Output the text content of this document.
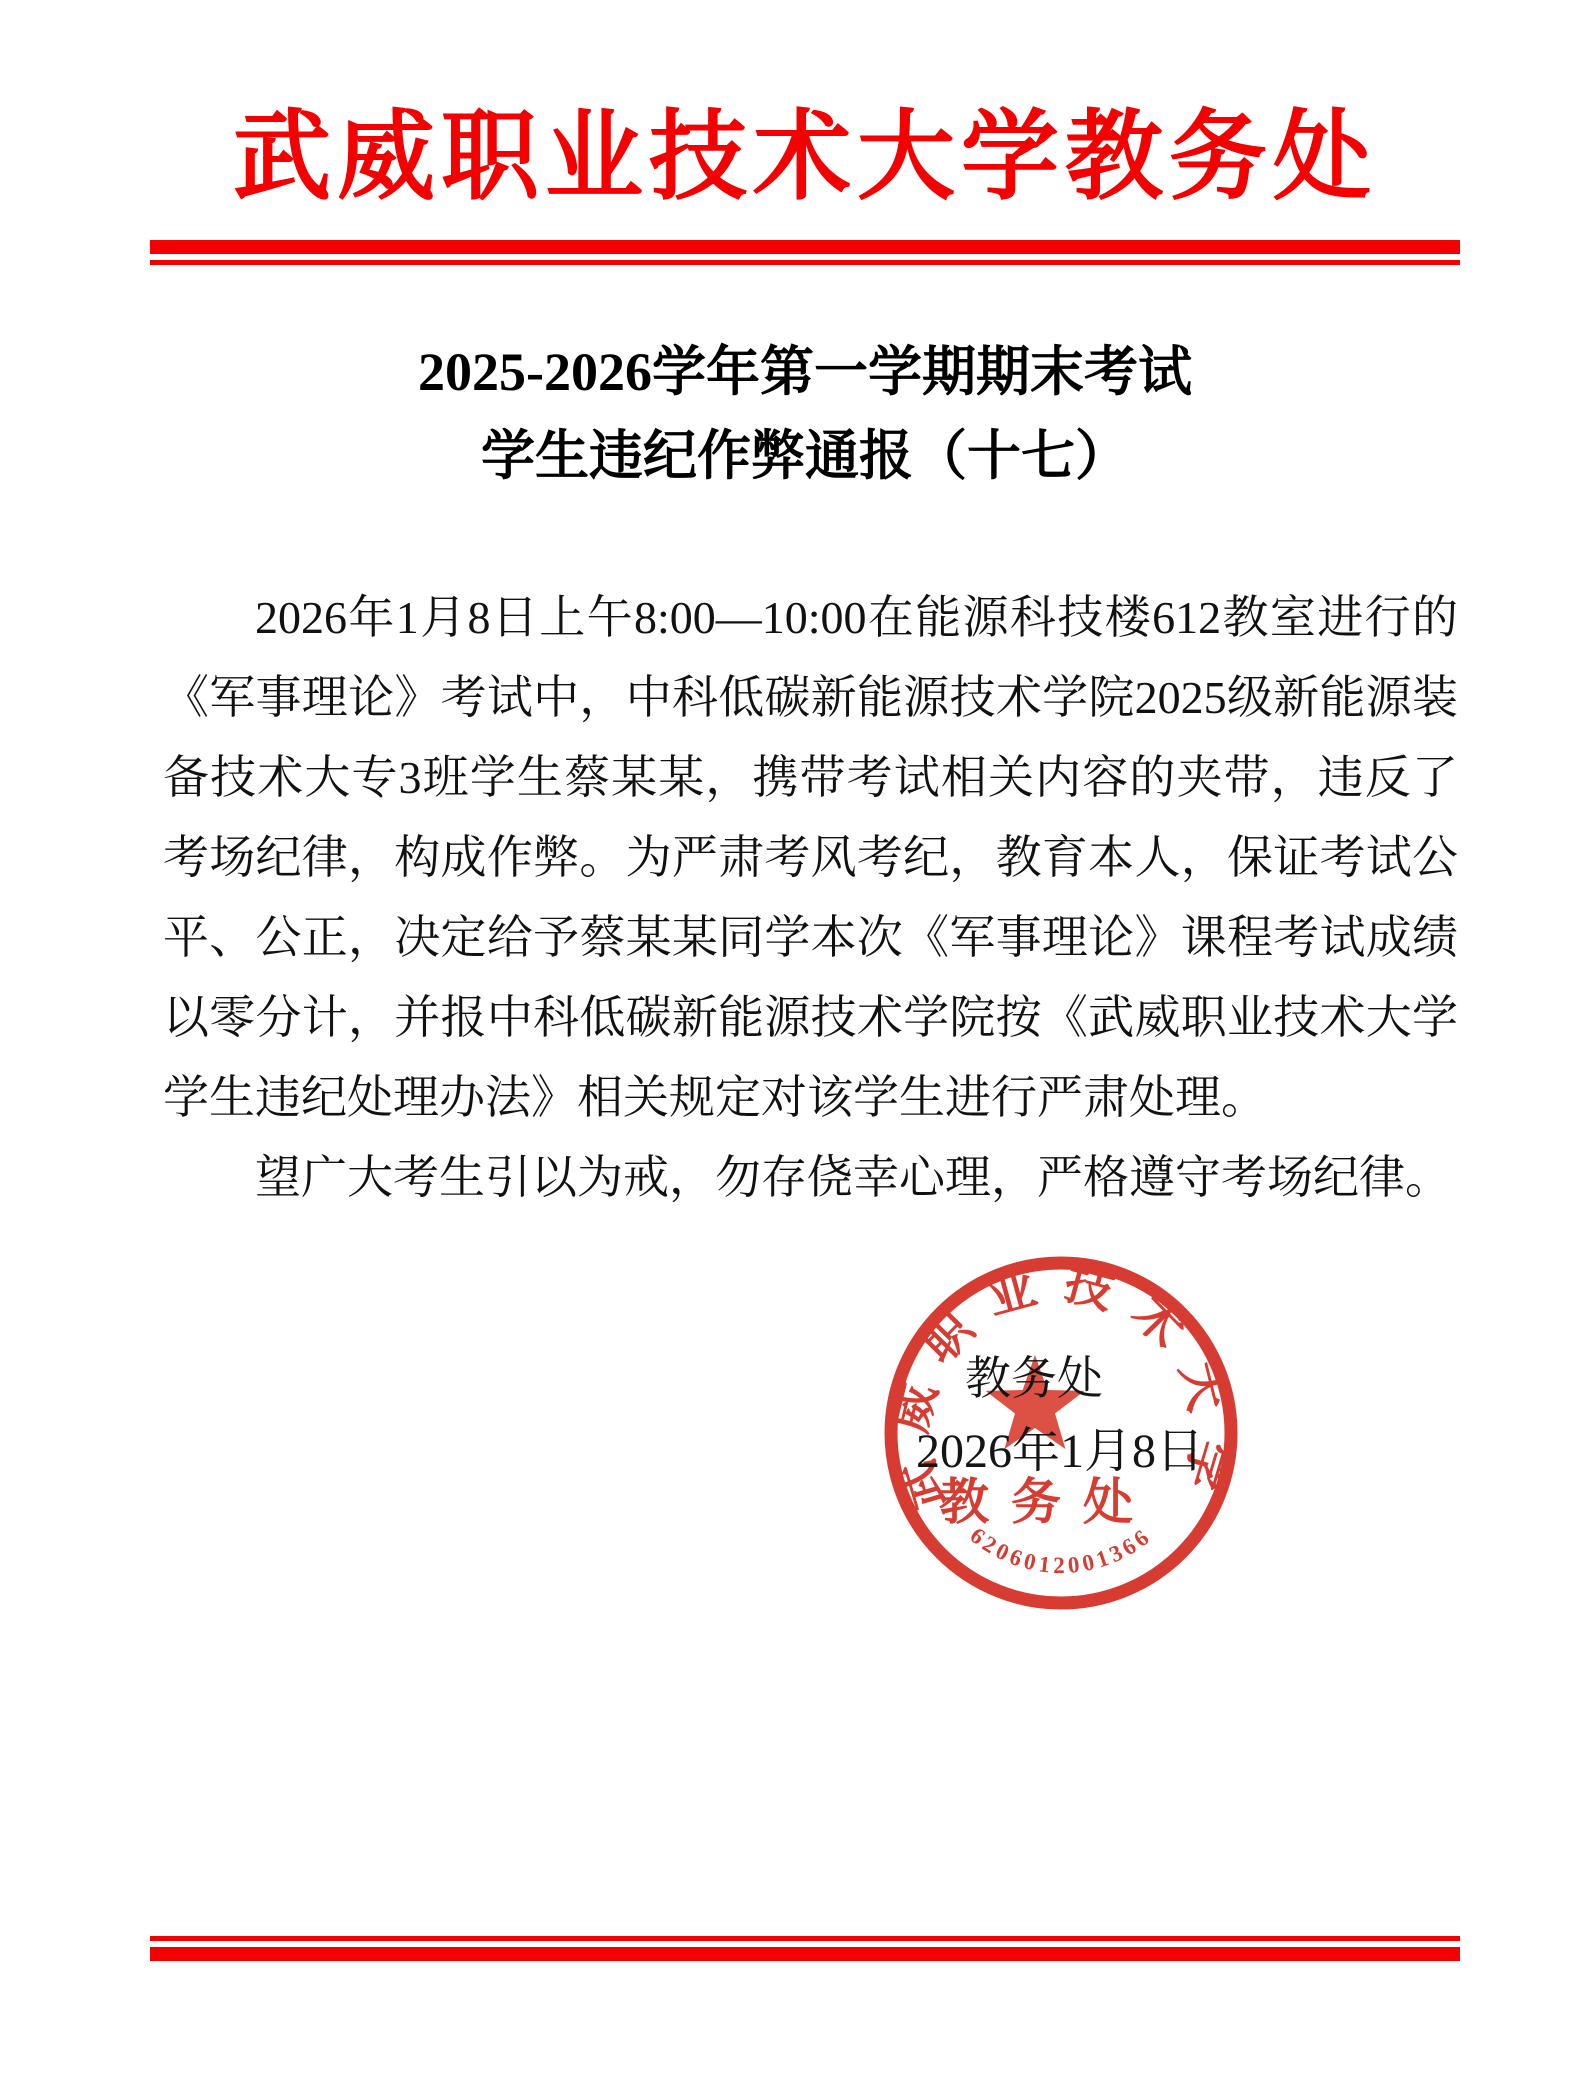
武威职业技术大学教务处
2025-2026学年第一学期期末考试
学生违纪作弊通报（十七）
2026年1月8日上午8:00—10:00在能源科技楼612教室进行的
《军事理论》考试中，中科低碳新能源技术学院2025级新能源装
备技术大专3班学生蔡某某，携带考试相关内容的夹带，违反了
考场纪律，构成作弊。为严肃考风考纪，教育本人，保证考试公
平、公正，决定给予蔡某某同学本次《军事理论》课程考试成绩
以零分计，并报中科低碳新能源技术学院按《武威职业技术大学
学生违纪处理办法》相关规定对该学生进行严肃处理。
望广大考生引以为戒，勿存侥幸心理，严格遵守考场纪律。
武威职业技术大学
教务处
6206012001366
教务处
2026年1月8日
